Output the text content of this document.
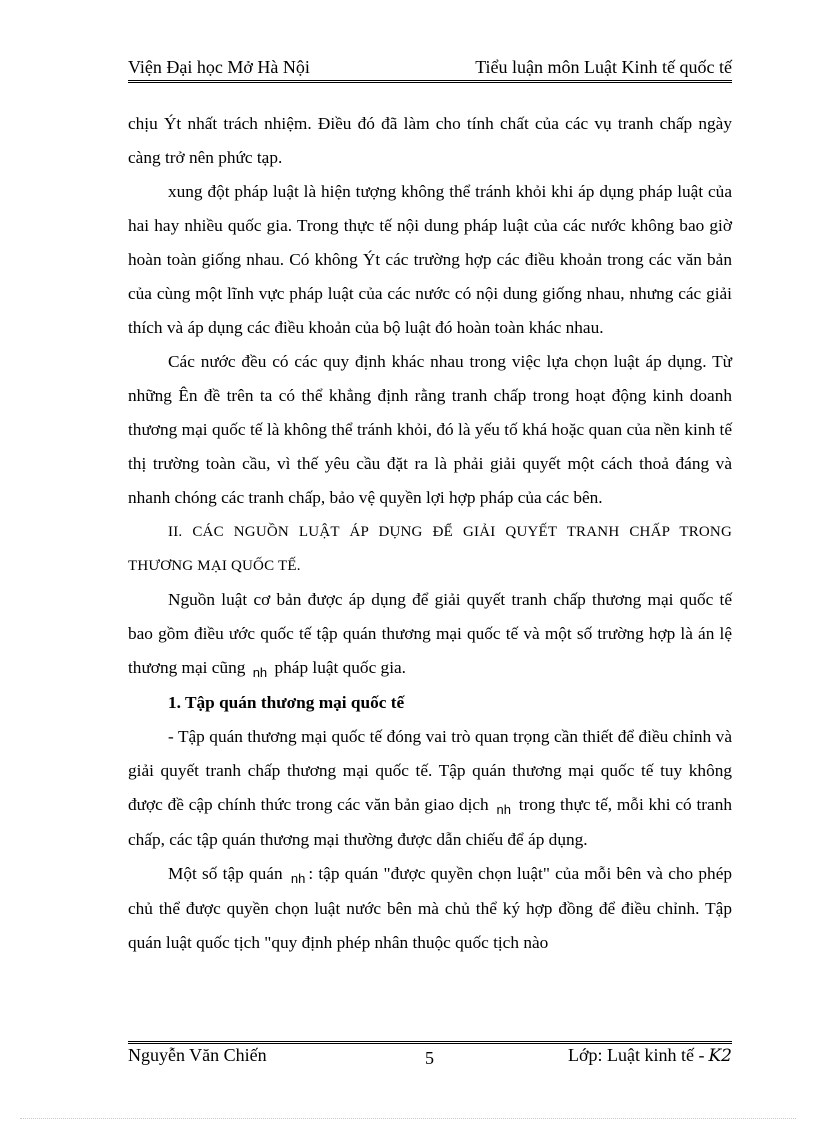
Viện Đại học Mở Hà Nội	Tiểu luận môn Luật Kinh tế quốc tế

chịu Ýt nhất trách nhiệm. Điều đó đã làm cho tính chất của các vụ tranh chấp ngày càng trở nên phức tạp.

xung đột pháp luật là hiện tượng không thể tránh khỏi khi áp dụng pháp luật của hai hay nhiều quốc gia. Trong thực tế nội dung pháp luật của các nước không bao giờ hoàn toàn giống nhau. Có không Ýt các trường hợp các điều khoản trong các văn bản của cùng một lĩnh vực pháp luật của các nước có nội dung giống nhau, nhưng các giải thích và áp dụng các điều khoản của bộ luật đó hoàn toàn khác nhau.

Các nước đều có các quy định khác nhau trong việc lựa chọn luật áp dụng. Từ những Ên đề trên ta có thể khẳng định rằng tranh chấp trong hoạt động kinh doanh thương mại quốc tế là không thể tránh khỏi, đó là yếu tố khá hoặc quan của nền kinh tế thị trường toàn cầu, vì thế yêu cầu đặt ra là phải giải quyết một cách thoả đáng và nhanh chóng các tranh chấp, bảo vệ quyền lợi hợp pháp của các bên.

II. CÁC NGUỒN LUẬT ÁP DỤNG ĐỂ GIẢI QUYẾT TRANH CHẤP TRONG THƯƠNG MẠI QUỐC TẾ.

Nguồn luật cơ bản được áp dụng để giải quyết tranh chấp thương mại quốc tế bao gồm điều ước quốc tế tập quán thương mại quốc tế và một số trường hợp là án lệ thương mại cũng $_{nh}$ pháp luật quốc gia.

1. Tập quán thương mại quốc tế

- Tập quán thương mại quốc tế đóng vai trò quan trọng cần thiết để điều chỉnh và giải quyết tranh chấp thương mại quốc tế. Tập quán thương mại quốc tế tuy không được đề cập chính thức trong các văn bản giao dịch $_{nh}$ trong thực tế, mỗi khi có tranh chấp, các tập quán thương mại thường được dẫn chiếu để áp dụng.

Một số tập quán $_{nh}$ : tập quán "được quyền chọn luật" của mỗi bên và cho phép chủ thể được quyền chọn luật nước bên mà chủ thể ký hợp đồng để điều chỉnh. Tập quán luật quốc tịch "quy định phép nhân thuộc quốc tịch nào

Nguyễn Văn Chiến	5	Lớp: Luật kinh tế - K2
